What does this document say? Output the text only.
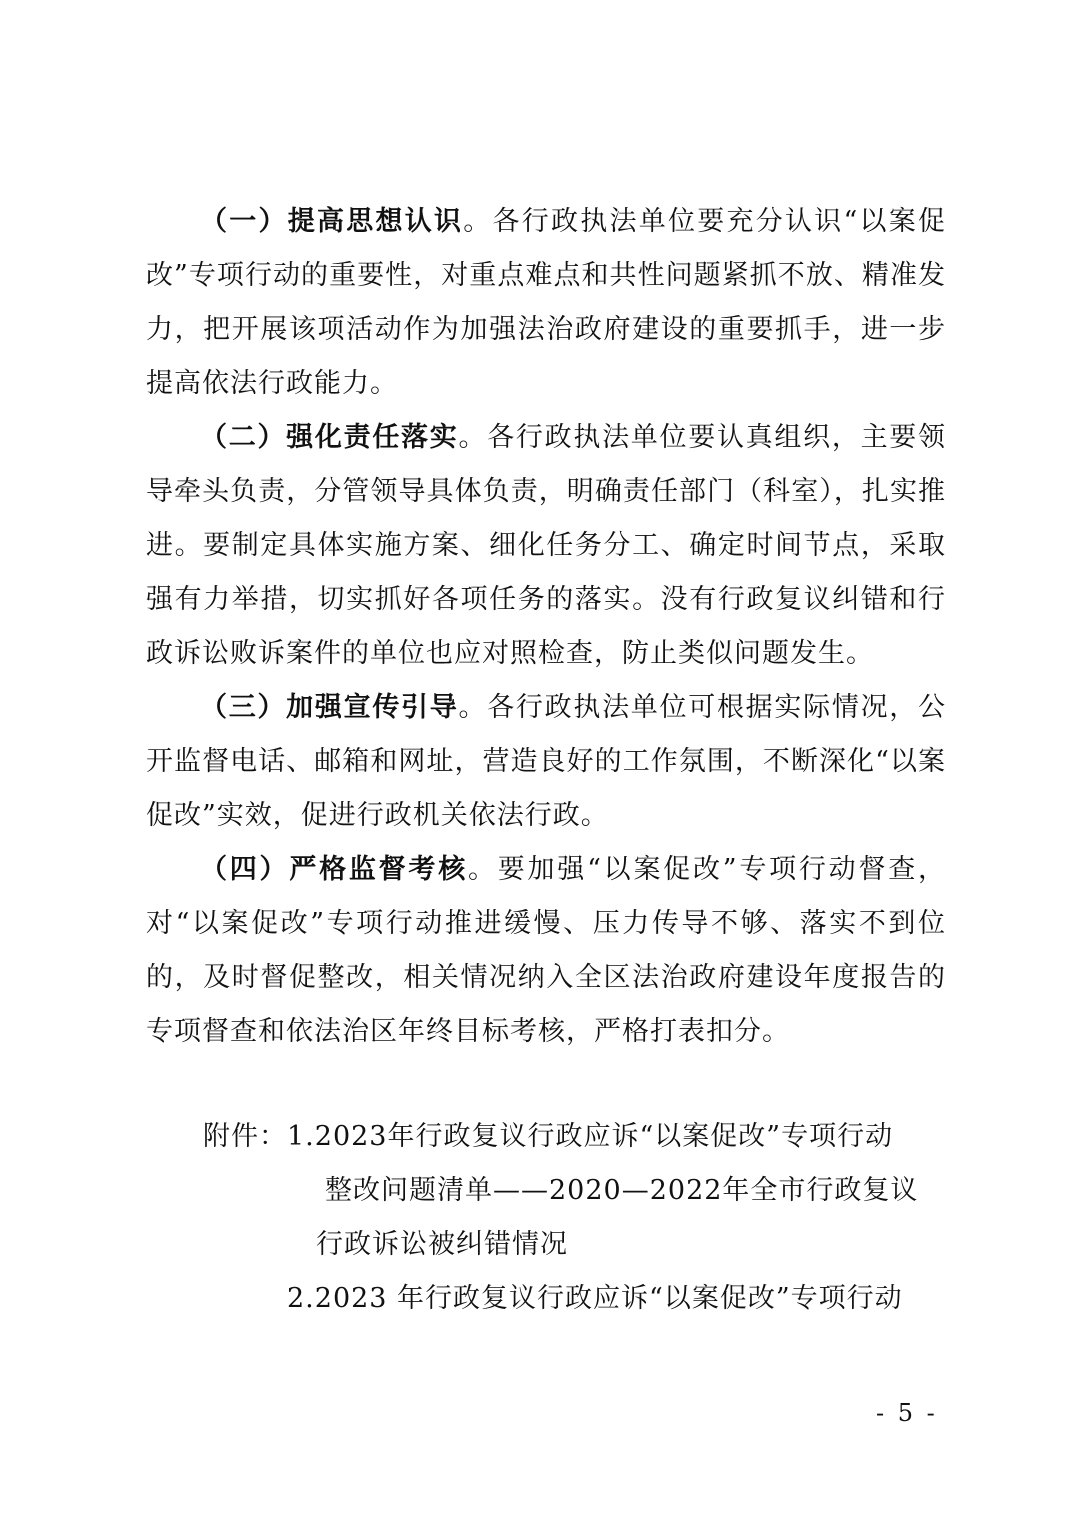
（一）提高思想认识。各行政执法单位要充分认识“以案促改”专项行动的重要性，对重点难点和共性问题紧抓不放、精准发力，把开展该项活动作为加强法治政府建设的重要抓手，进一步提高依法行政能力。

（二）强化责任落实。各行政执法单位要认真组织，主要领导牵头负责，分管领导具体负责，明确责任部门（科室），扎实推进。要制定具体实施方案、细化任务分工、确定时间节点，采取强有力举措，切实抓好各项任务的落实。没有行政复议纠错和行政诉讼败诉案件的单位也应对照检查，防止类似问题发生。

（三）加强宣传引导。各行政执法单位可根据实际情况，公开监督电话、邮箱和网址，营造良好的工作氛围，不断深化“以案促改”实效，促进行政机关依法行政。

（四）严格监督考核。要加强“以案促改”专项行动督查，对“以案促改”专项行动推进缓慢、压力传导不够、落实不到位的，及时督促整改，相关情况纳入全区法治政府建设年度报告的专项督查和依法治区年终目标考核，严格打表扣分。

附件： 1.2023年行政复议行政应诉“以案促改”专项行动
整改问题清单——2020—2022年全市行政复议
行政诉讼被纠错情况
2.2023 年行政复议行政应诉“以案促改”专项行动
- 5 -
